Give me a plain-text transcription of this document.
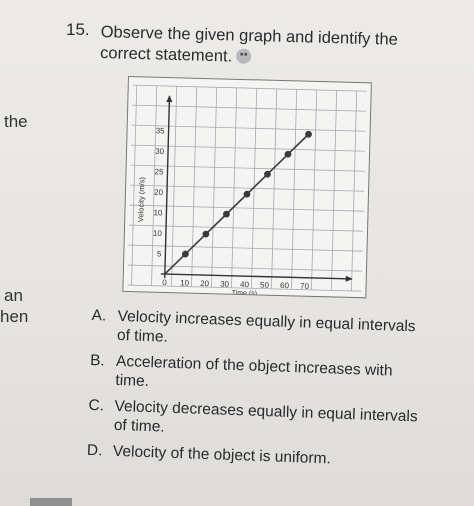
the
an
hen
15. Observe the given graph and identify the correct statement.
5
10
10
20
25
30
35
0 10 20 30 40 50 60 70
Time (s)
Velocity (m/s)
A. Velocity increases equally in equal intervals of time.
B. Acceleration of the object increases with time.
C. Velocity decreases equally in equal intervals of time.
D. Velocity of the object is uniform.
